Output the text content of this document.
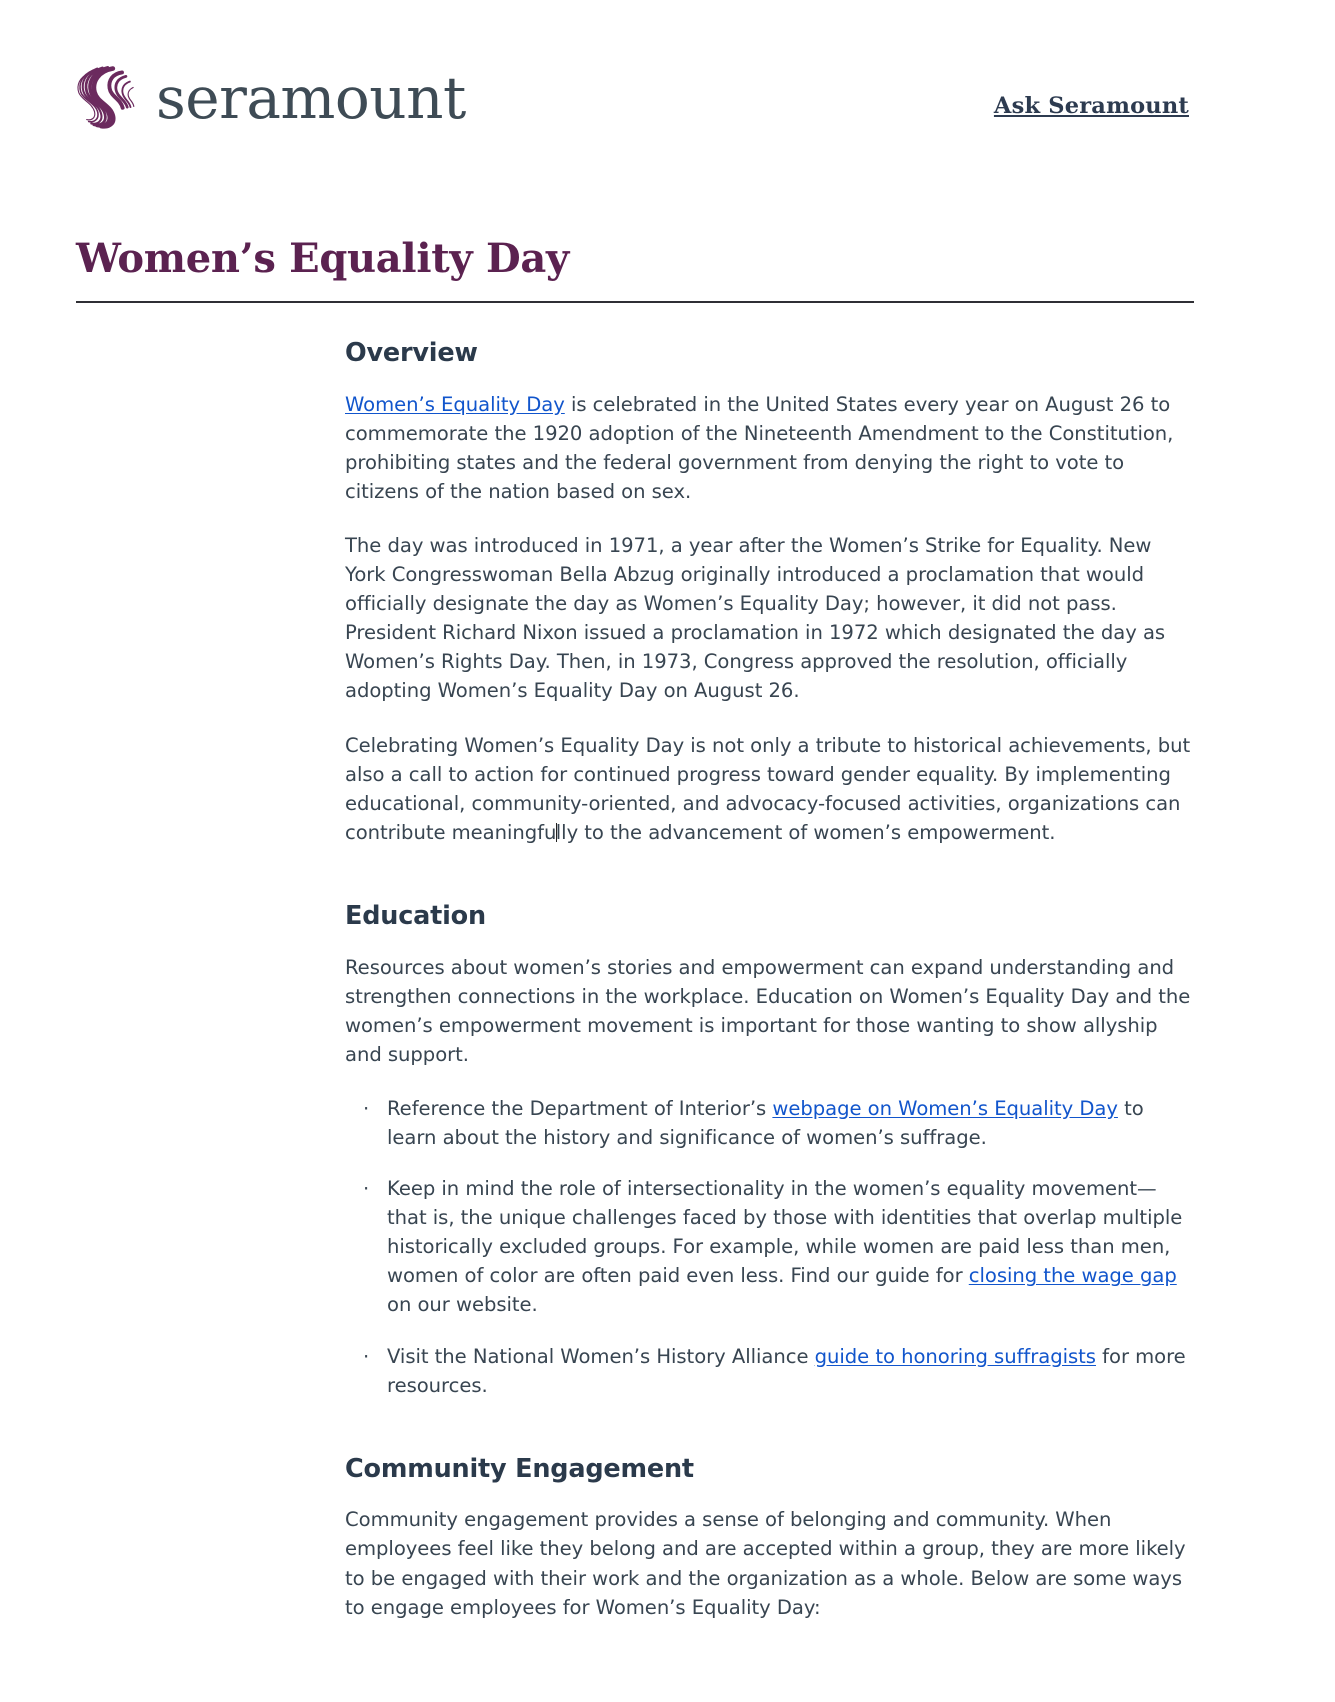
seramount	Ask Seramount
Women’s Equality Day
Overview

Women’s Equality Day is celebrated in the United States every year on August 26 to commemorate the 1920 adoption of the Nineteenth Amendment to the Constitution, prohibiting states and the federal government from denying the right to vote to citizens of the nation based on sex.

The day was introduced in 1971, a year after the Women’s Strike for Equality. New York Congresswoman Bella Abzug originally introduced a proclamation that would officially designate the day as Women’s Equality Day; however, it did not pass. President Richard Nixon issued a proclamation in 1972 which designated the day as Women’s Rights Day. Then, in 1973, Congress approved the resolution, officially adopting Women’s Equality Day on August 26.

Celebrating Women’s Equality Day is not only a tribute to historical achievements, but also a call to action for continued progress toward gender equality. By implementing educational, community-oriented, and advocacy-focused activities, organizations can contribute meaningfully to the advancement of women’s empowerment.

Education

Resources about women’s stories and empowerment can expand understanding and strengthen connections in the workplace. Education on Women’s Equality Day and the women’s empowerment movement is important for those wanting to show allyship and support.

· Reference the Department of Interior’s webpage on Women’s Equality Day to learn about the history and significance of women’s suffrage.
· Keep in mind the role of intersectionality in the women’s equality movement—that is, the unique challenges faced by those with identities that overlap multiple historically excluded groups. For example, while women are paid less than men, women of color are often paid even less. Find our guide for closing the wage gap on our website.
· Visit the National Women’s History Alliance guide to honoring suffragists for more resources.
Community Engagement

Community engagement provides a sense of belonging and community. When employees feel like they belong and are accepted within a group, they are more likely to be engaged with their work and the organization as a whole. Below are some ways to engage employees for Women’s Equality Day:
